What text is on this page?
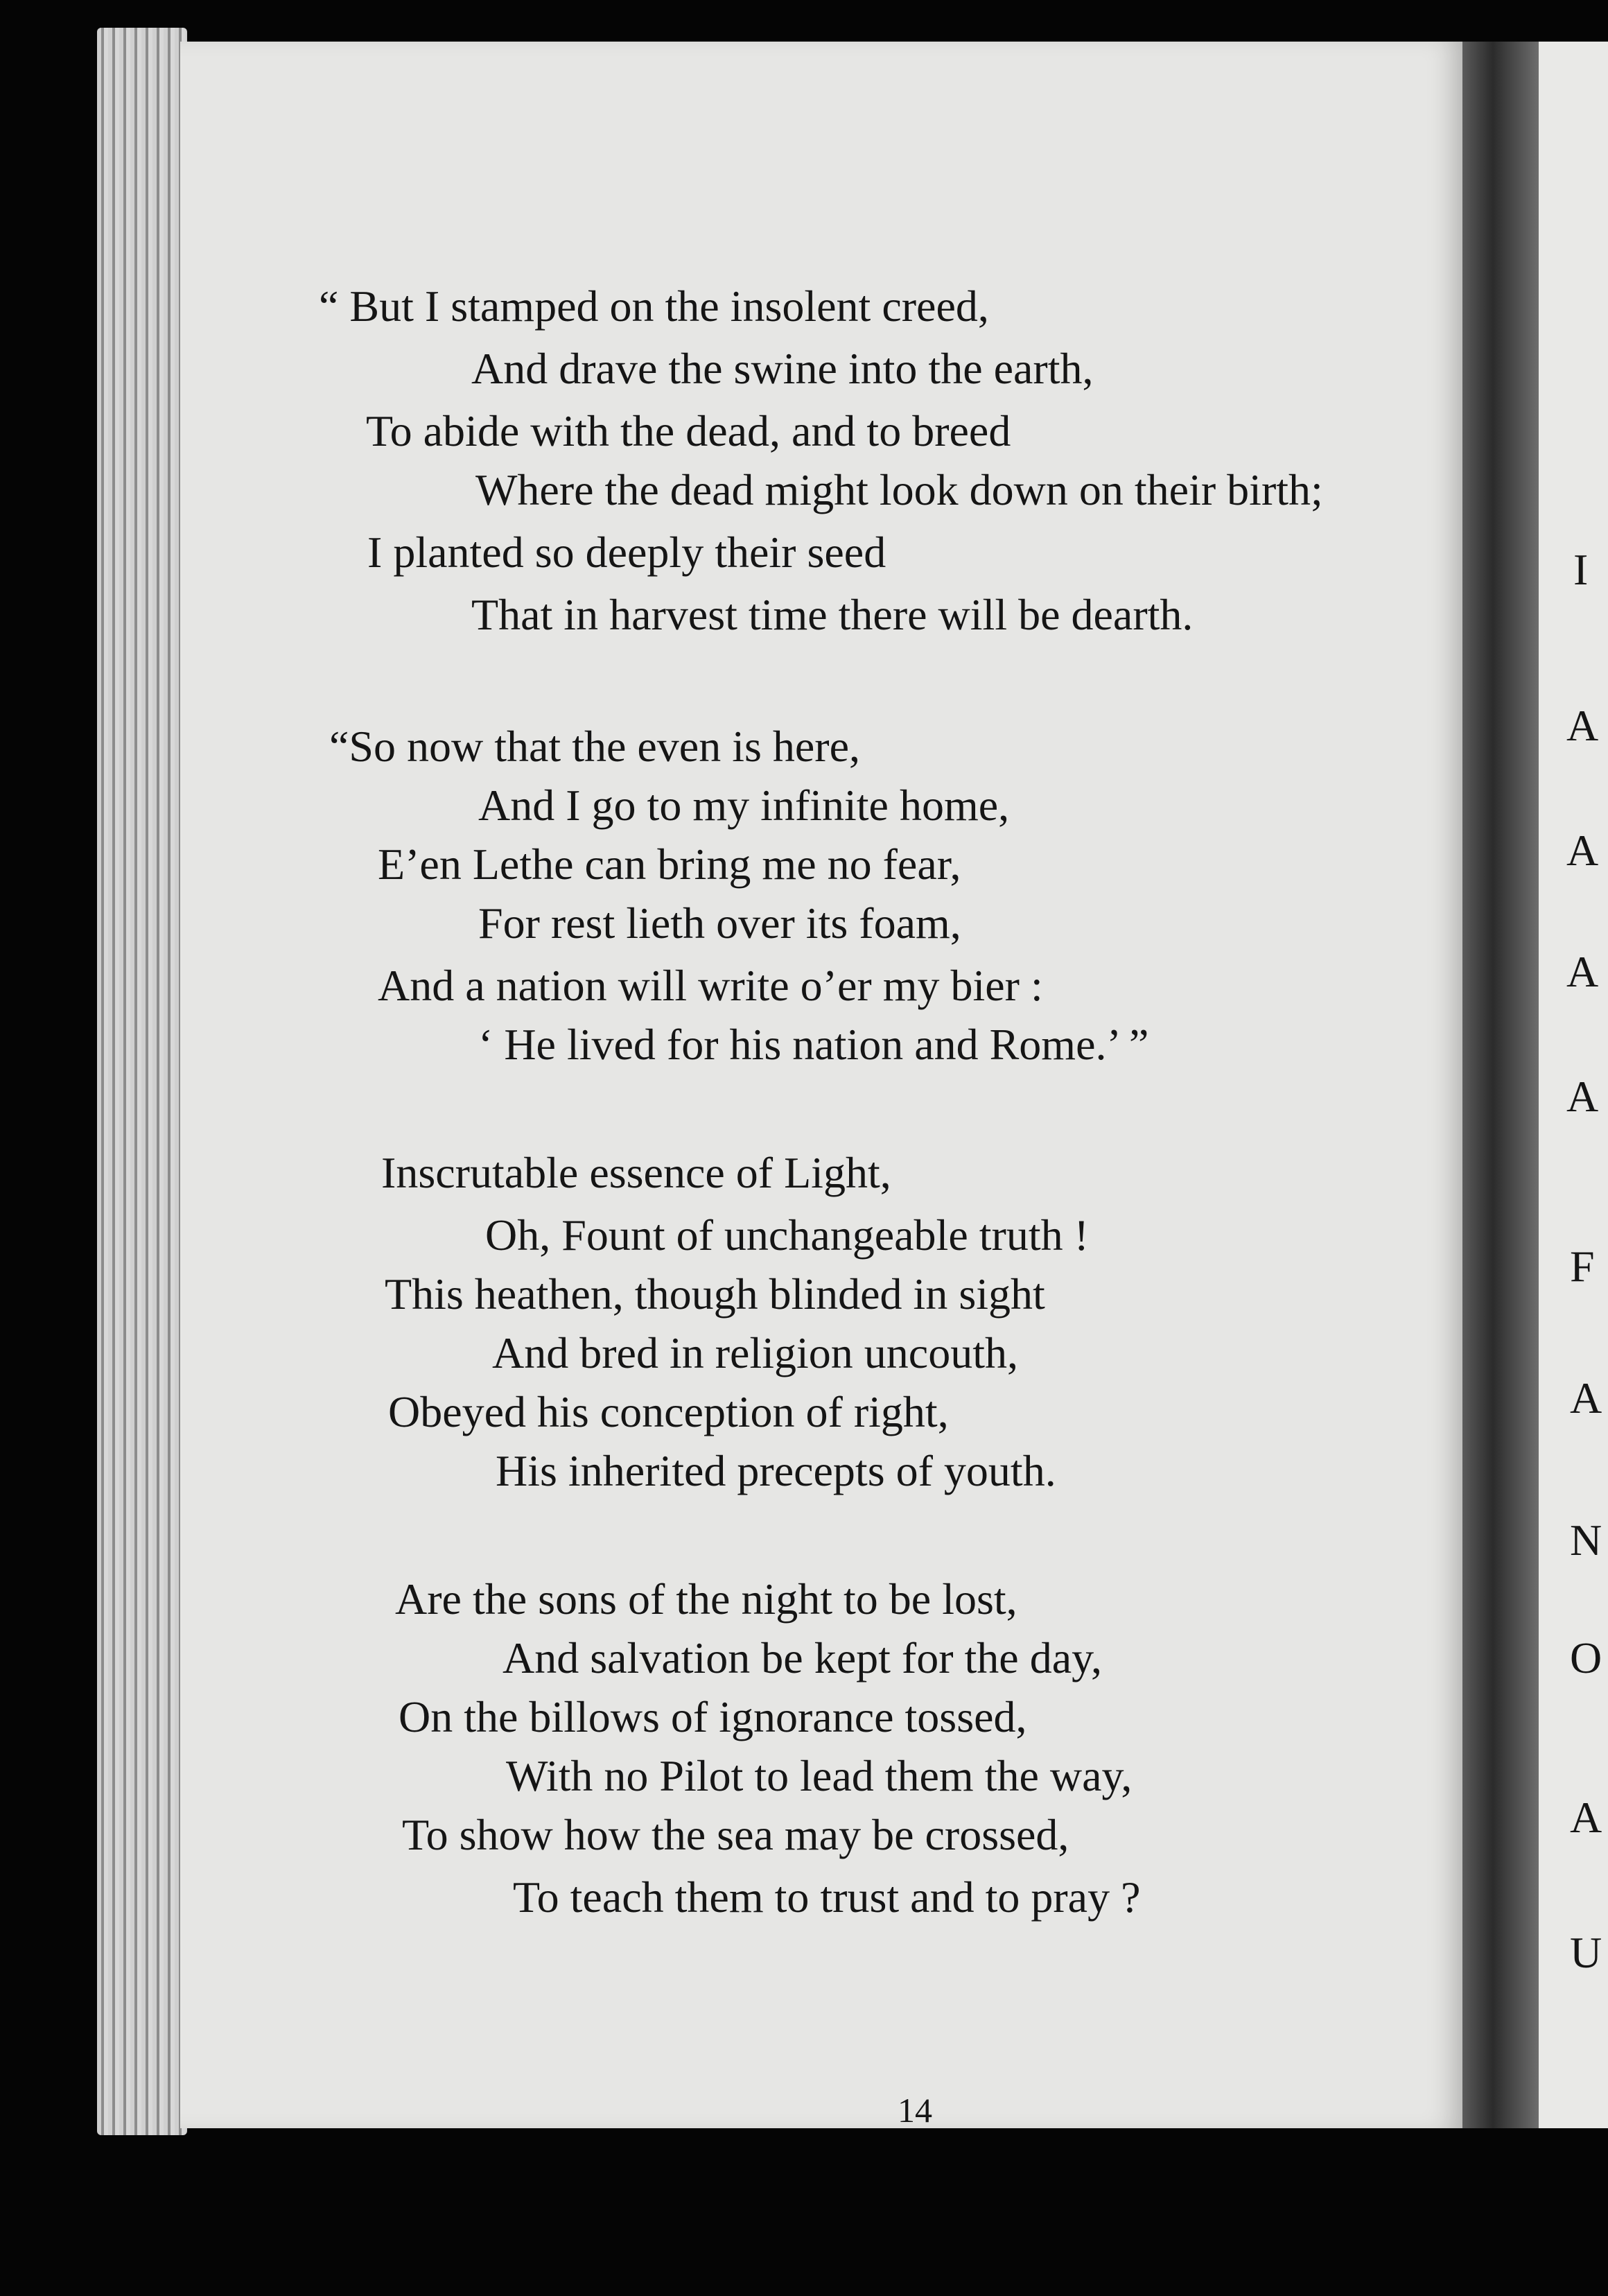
“ But I stamped on the insolent creed,
And drave the swine into the earth,
To abide with the dead, and to breed
Where the dead might look down on their birth;
I planted so deeply their seed
That in harvest time there will be dearth.
“So now that the even is here,
And I go to my infinite home,
E’en Lethe can bring me no fear,
For rest lieth over its foam,
And a nation will write o’er my bier :
‘ He lived for his nation and Rome.’ ”
Inscrutable essence of Light,
Oh, Fount of unchangeable truth !
This heathen, though blinded in sight
And bred in religion uncouth,
Obeyed his conception of right,
His inherited precepts of youth.
Are the sons of the night to be lost,
And salvation be kept for the day,
On the billows of ignorance tossed,
With no Pilot to lead them the way,
To show how the sea may be crossed,
To teach them to trust and to pray ?
14
I
A
A
A
A
F
A
N
O
A
U
